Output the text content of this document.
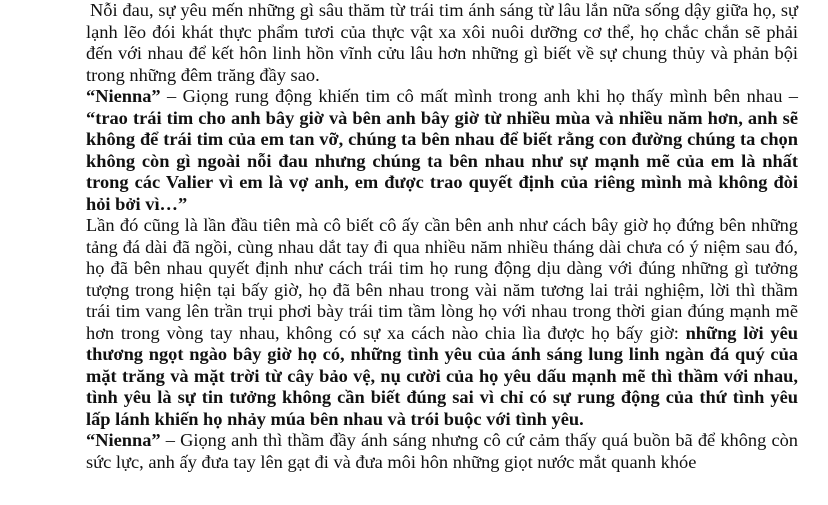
Nỗi đau, sự yêu mến những gì sâu thăm từ trái tim ánh sáng từ lâu lắn nữa sống dậy giữa họ, sự lạnh lẽo đói khát thực phẩm tươi của thực vật xa xôi nuôi dưỡng cơ thể, họ chắc chắn sẽ phải đến với nhau để kết hôn linh hồn vĩnh cửu lâu hơn những gì biết về sự chung thủy và phản bội trong những đêm trăng đầy sao.

“Nienna” – Giọng rung động khiến tim cô mất mình trong anh khi họ thấy mình bên nhau – “trao trái tim cho anh bây giờ và bên anh bây giờ từ nhiều mùa và nhiều năm hơn, anh sẽ không để trái tim của em tan vỡ, chúng ta bên nhau để biết rằng con đường chúng ta chọn không còn gì ngoài nỗi đau nhưng chúng ta bên nhau như sự mạnh mẽ của em là nhất trong các Valier vì em là vợ anh, em được trao quyết định của riêng mình mà không đòi hỏi bởi vì…”

Lần đó cũng là lần đầu tiên mà cô biết cô ấy cần bên anh như cách bây giờ họ đứng bên những tảng đá dài đã ngồi, cùng nhau dắt tay đi qua nhiều năm nhiều tháng dài chưa có ý niệm sau đó, họ đã bên nhau quyết định như cách trái tim họ rung động dịu dàng với đúng những gì tưởng tượng trong hiện tại bấy giờ, họ đã bên nhau trong vài năm tương lai trải nghiệm, lời thì thầm trái tim vang lên trần trụi phơi bày trái tim tầm lòng họ với nhau trong thời gian đúng mạnh mẽ hơn trong vòng tay nhau, không có sự xa cách nào chia lìa được họ bấy giờ: những lời yêu thương ngọt ngào bây giờ họ có, những tình yêu của ánh sáng lung linh ngàn đá quý của mặt trăng và mặt trời từ cây bảo vệ, nụ cười của họ yêu dấu mạnh mẽ thì thầm với nhau, tình yêu là sự tin tưởng không cần biết đúng sai vì chỉ có sự rung động của thứ tình yêu lấp lánh khiến họ nhảy múa bên nhau và trói buộc với tình yêu.

“Nienna” – Giọng anh thì thầm đầy ánh sáng nhưng cô cứ cảm thấy quá buồn bã để không còn sức lực, anh ấy đưa tay lên gạt đi và đưa môi hôn những giọt nước mắt quanh khóe
